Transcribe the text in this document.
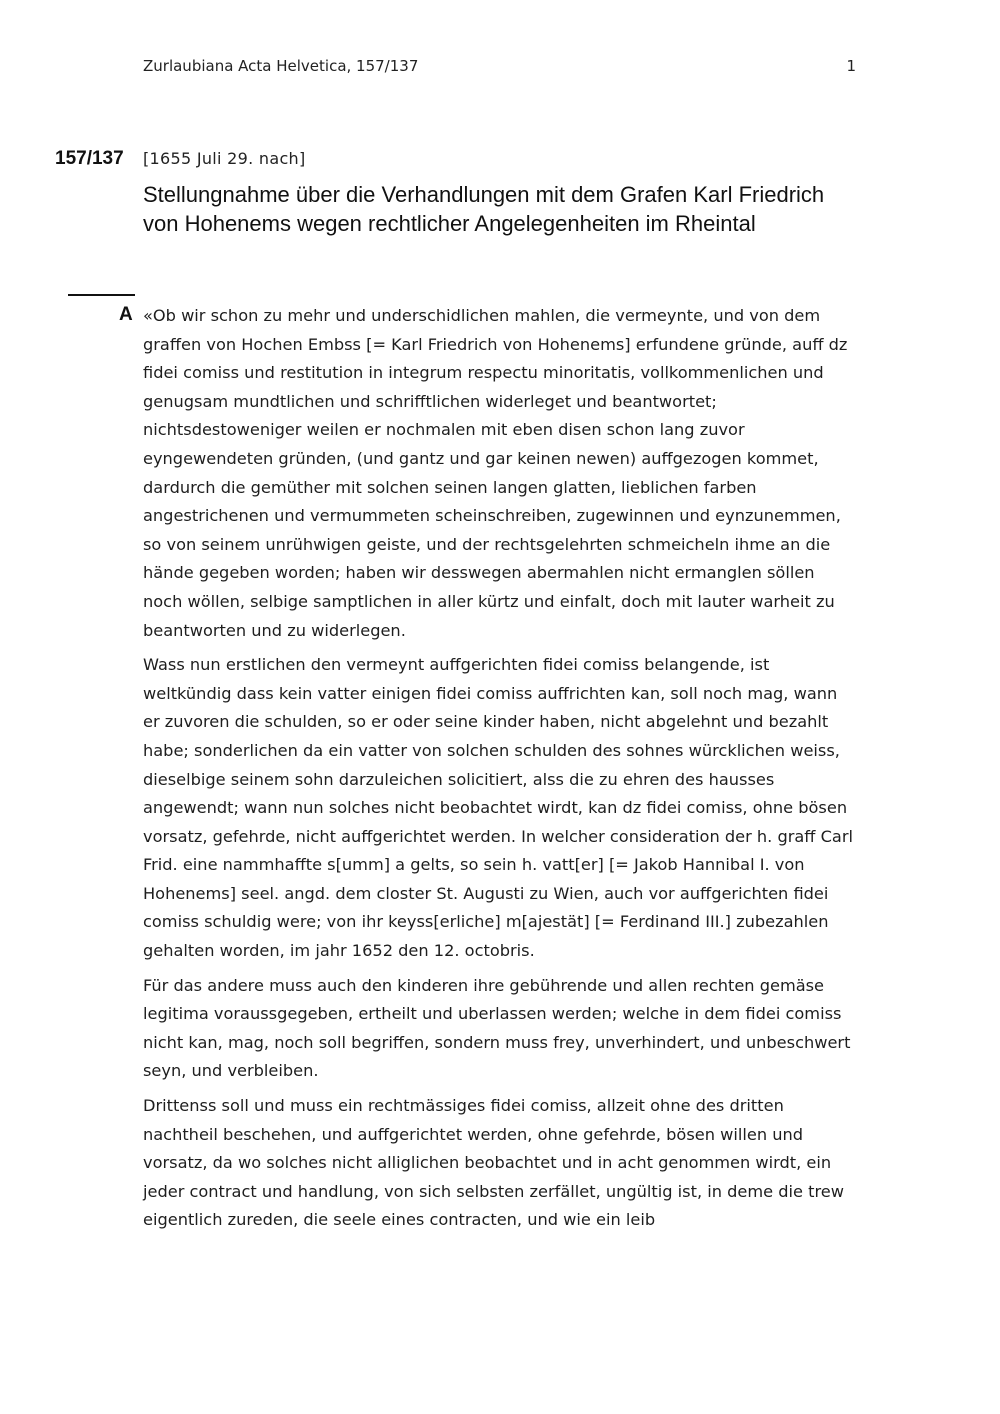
Zurlaubiana Acta Helvetica, 157/137	1
157/137 [1655 Juli 29. nach]
Stellungnahme über die Verhandlungen mit dem Grafen Karl Friedrich von Hohenems wegen rechtlicher Angelegenheiten im Rheintal
A «Ob wir schon zu mehr und underschidlichen mahlen, die vermeynte, und von dem graffen von Hochen Embss [= Karl Friedrich von Hohenems] erfundene gründe, auff dz fidei comiss und restitution in integrum respectu minoritatis, vollkommenlichen und genugsam mundtlichen und schrifftlichen widerleget und beantwortet; nichtsdestoweniger weilen er nochmalen mit eben disen schon lang zuvor eyngewendeten gründen, (und gantz und gar keinen newen) auffgezogen kommet, dardurch die gemüther mit solchen seinen langen glatten, lieblichen farben angestrichenen und vermummeten scheinschreiben, zugewinnen und eynzunemmen, so von seinem unrühwigen geiste, und der rechtsgelehrten schmeicheln ihme an die hände gegeben worden; haben wir desswegen abermahlen nicht ermanglen söllen noch wöllen, selbige samptlichen in aller kürtz und einfalt, doch mit lauter warheit zu beantworten und zu widerlegen.

Wass nun erstlichen den vermeynt auffgerichten fidei comiss belangende, ist weltkündig dass kein vatter einigen fidei comiss auffrichten kan, soll noch mag, wann er zuvoren die schulden, so er oder seine kinder haben, nicht abgelehnt und bezahlt habe; sonderlichen da ein vatter von solchen schulden des sohnes würcklichen weiss, dieselbige seinem sohn darzuleichen solicitiert, alss die zu ehren des hausses angewendt; wann nun solches nicht beobachtet wirdt, kan dz fidei comiss, ohne bösen vorsatz, gefehrde, nicht auffgerichtet werden. In welcher consideration der h. graff Carl Frid. eine nammhaffte s[umm] a gelts, so sein h. vatt[er] [= Jakob Hannibal I. von Hohenems] seel. angd. dem closter St. Augusti zu Wien, auch vor auffgerichten fidei comiss schuldig were; von ihr keyss[erliche] m[ajestät] [= Ferdinand III.] zubezahlen gehalten worden, im jahr 1652 den 12. octobris.

Für das andere muss auch den kinderen ihre gebührende und allen rechten gemäse legitima voraussgegeben, ertheilt und uberlassen werden; welche in dem fidei comiss nicht kan, mag, noch soll begriffen, sondern muss frey, unverhindert, und unbeschwert seyn, und verbleiben.

Drittenss soll und muss ein rechtmässiges fidei comiss, allzeit ohne des dritten nachtheil beschehen, und auffgerichtet werden, ohne gefehrde, bösen willen und vorsatz, da wo solches nicht alliglichen beobachtet und in acht genommen wirdt, ein jeder contract und handlung, von sich selbsten zerfället, ungültig ist, in deme die trew eigentlich zureden, die seele eines contracten, und wie ein leib
